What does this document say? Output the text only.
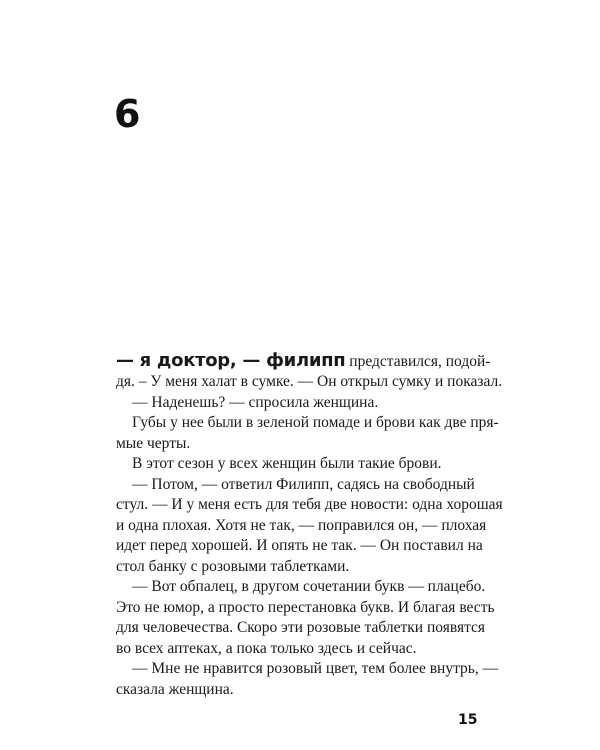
6
— я доктор, — филипп представился, подой-
дя. – У меня халат в сумке. — Он открыл сумку и показал.
— Наденешь? — спросила женщина.
Губы у нее были в зеленой помаде и брови как две пря-
мые черты.
В этот сезон у всех женщин были такие брови.
— Потом, — ответил Филипп, садясь на свободный
стул. — И у меня есть для тебя две новости: одна хорошая
и одна плохая. Хотя не так, — поправился он, — плохая
идет перед хорошей. И опять не так. — Он поставил на
стол банку с розовыми таблетками.
— Вот обпалец, в другом сочетании букв — плацебо.
Это не юмор, а просто перестановка букв. И благая весть
для человечества. Скоро эти розовые таблетки появятся
во всех аптеках, а пока только здесь и сейчас.
— Мне не нравится розовый цвет, тем более внутрь, —
сказала женщина.
15
